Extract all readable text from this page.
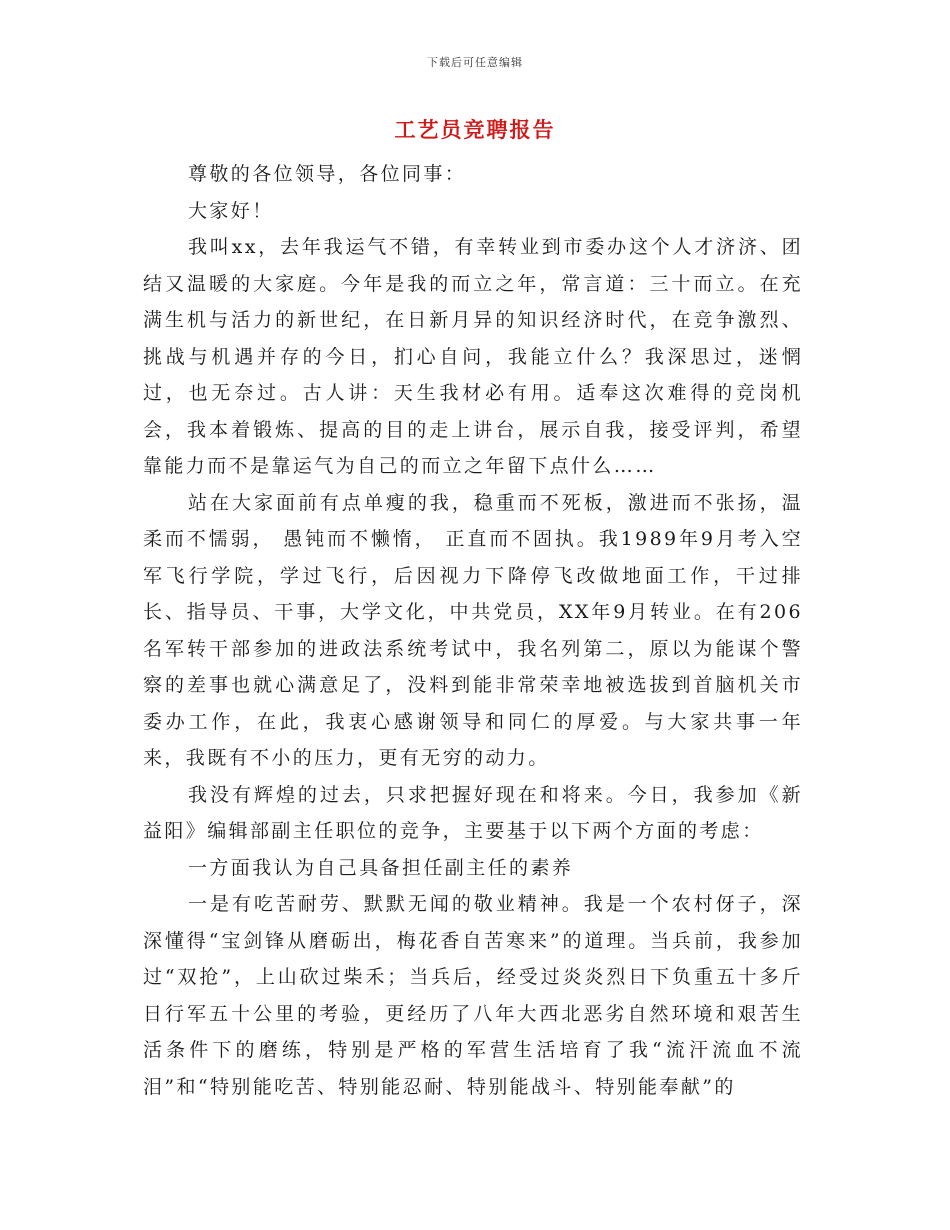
下载后可任意编辑
工艺员竞聘报告

尊敬的各位领导，各位同事：

大家好！

我叫xx，去年我运气不错，有幸转业到市委办这个人才济济、团结又温暖的大家庭。今年是我的而立之年，常言道：三十而立。在充满生机与活力的新世纪，在日新月异的知识经济时代，在竞争激烈、挑战与机遇并存的今日，扪心自问，我能立什么？我深思过，迷惘过，也无奈过。古人讲：天生我材必有用。适奉这次难得的竞岗机会，我本着锻炼、提高的目的走上讲台，展示自我，接受评判，希望靠能力而不是靠运气为自己的而立之年留下点什么……

站在大家面前有点单瘦的我，稳重而不死板，激进而不张扬，温柔而不懦弱， 愚钝而不懒惰， 正直而不固执。我1989年9月考入空军飞行学院，学过飞行，后因视力下降停飞改做地面工作，干过排长、指导员、干事，大学文化，中共党员，XX年9月转业。在有206名军转干部参加的进政法系统考试中，我名列第二，原以为能谋个警察的差事也就心满意足了，没料到能非常荣幸地被选拔到首脑机关市委办工作，在此，我衷心感谢领导和同仁的厚爱。与大家共事一年来，我既有不小的压力，更有无穷的动力。

我没有辉煌的过去，只求把握好现在和将来。今日，我参加《新益阳》编辑部副主任职位的竞争，主要基于以下两个方面的考虑：

一方面我认为自己具备担任副主任的素养

一是有吃苦耐劳、默默无闻的敬业精神。我是一个农村伢子，深深懂得“宝剑锋从磨砺出，梅花香自苦寒来”的道理。当兵前，我参加过“双抢”，上山砍过柴禾；当兵后，经受过炎炎烈日下负重五十多斤日行军五十公里的考验，更经历了八年大西北恶劣自然环境和艰苦生活条件下的磨练，特别是严格的军营生活培育了我“流汗流血不流泪”和“特别能吃苦、特别能忍耐、特别能战斗、特别能奉献”的
